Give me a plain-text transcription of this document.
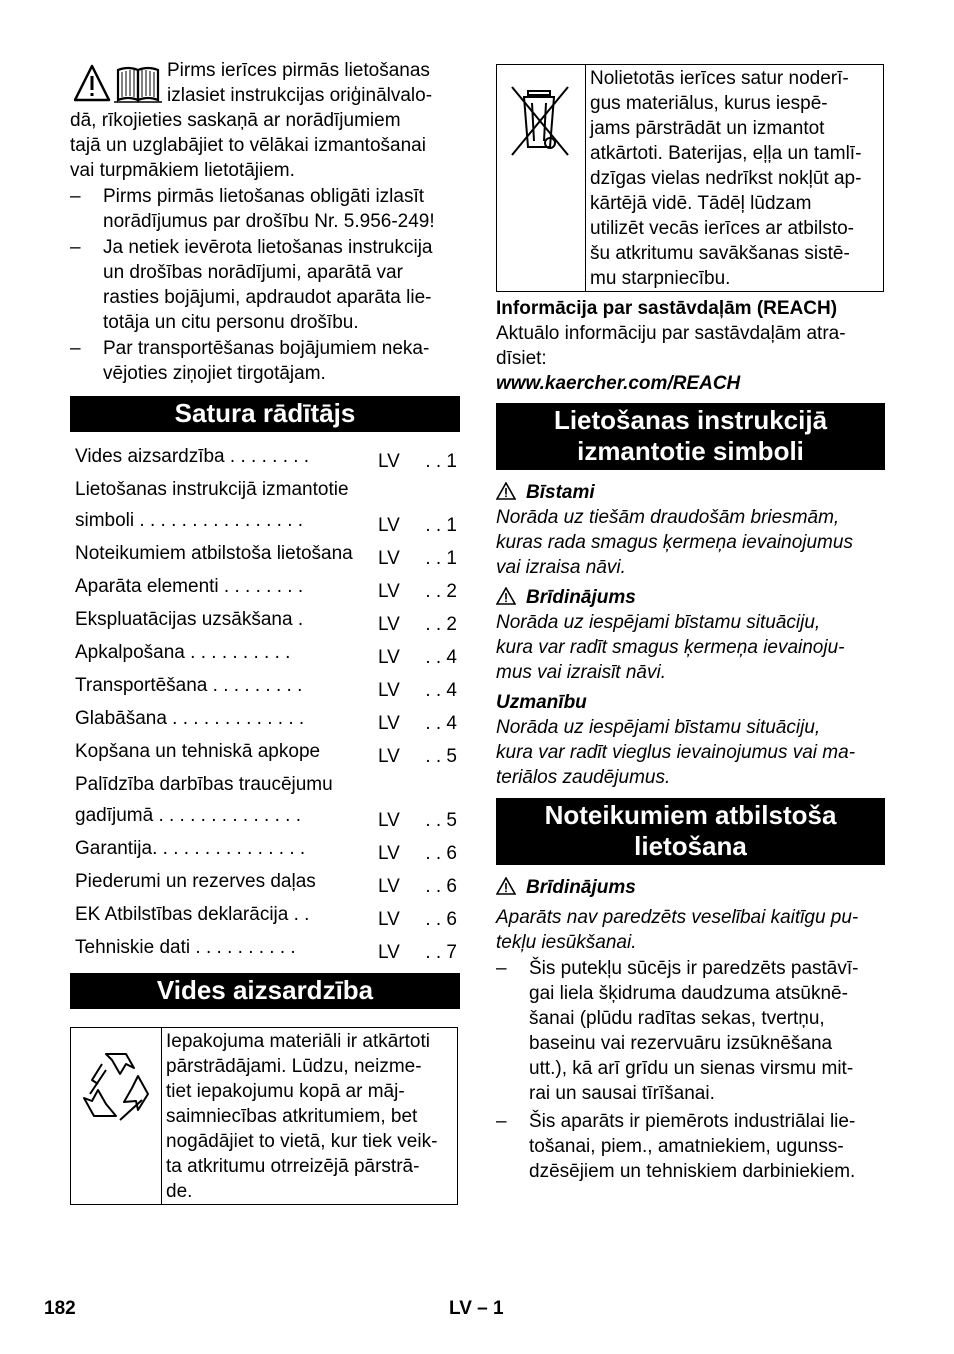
Pirms ierīces pirmās lietošanas
izlasiet instrukcijas oriģinālvalo-
dā, rīkojieties saskaņā ar norādījumiem
tajā un uzglabājiet to vēlākai izmantošanai
vai turpmākiem lietotājiem.
– Pirms pirmās lietošanas obligāti izlasīt
norādījumus par drošību Nr. 5.956-249!
– Ja netiek ievērota lietošanas instrukcija
un drošības norādījumi, aparātā var
rasties bojājumi, apdraudot aparāta lie-
totāja un citu personu drošību.
– Par transportēšanas bojājumiem neka-
vējoties ziņojiet tirgotājam.
Satura rādītājs
Vides aizsardzība . . . . . . . .	LV . . 1
Lietošanas instrukcijā izmantotie simboli . . . . . . . . . . . . . . . .	LV . . 1
Noteikumiem atbilstoša lietošana LV . . 1
Aparāta elementi . . . . . . . .	LV . . 2
Ekspluatācijas uzsākšana .	LV . . 2
Apkalpošana . . . . . . . . . .	LV . . 4
Transportēšana . . . . . . . . .	LV . . 4
Glabāšana . . . . . . . . . . . . .	LV . . 4
Kopšana un tehniskā apkope	LV . . 5
Palīdzība darbības traucējumu gadījumā . . . . . . . . . . . . . .	LV . . 5
Garantija. . . . . . . . . . . . . . .	LV . . 6
Piederumi un rezerves daļas	LV . . 6
EK Atbilstības deklarācija . .	LV . . 6
Tehniskie dati . . . . . . . . . .	LV . . 7
Vides aizsardzība
Iepakojuma materiāli ir atkārtoti
pārstrādājami. Lūdzu, neizme-
tiet iepakojumu kopā ar māj-
saimniecības atkritumiem, bet
nogādājiet to vietā, kur tiek veik-
ta atkritumu otrreizējā pārstrā-
de.
Nolietotās ierīces satur noderī-
gus materiālus, kurus iespē-
jams pārstrādāt un izmantot
atkārtoti. Baterijas, eļļa un tamlī-
dzīgas vielas nedrīkst nokļūt ap-
kārtējā vidē. Tādēļ lūdzam
utilizēt vecās ierīces ar atbilsto-
šu atkritumu savākšanas sistē-
mu starpniecību.
Informācija par sastāvdaļām (REACH)
Aktuālo informāciju par sastāvdaļām atra-
dīsiet:
www.kaercher.com/REACH
Lietošanas instrukcijā
izmantotie simboli
Bīstami
Norāda uz tiešām draudošām briesmām,
kuras rada smagus ķermeņa ievainojumus
vai izraisa nāvi.
Brīdinājums
Norāda uz iespējami bīstamu situāciju,
kura var radīt smagus ķermeņa ievainoju-
mus vai izraisīt nāvi.
Uzmanību
Norāda uz iespējami bīstamu situāciju,
kura var radīt vieglus ievainojumus vai ma-
teriālos zaudējumus.
Noteikumiem atbilstoša
lietošana
Brīdinājums
Aparāts nav paredzēts veselībai kaitīgu pu-
tekļu iesūkšanai.
– Šis putekļu sūcējs ir paredzēts pastāvī-
gai liela šķidruma daudzuma atsūknē-
šanai (plūdu radītas sekas, tvertņu,
baseinu vai rezervuāru izsūknēšana
utt.), kā arī grīdu un sienas virsmu mit-
rai un sausai tīrīšanai.
– Šis aparāts ir piemērots industriālai lie-
tošanai, piem., amatniekiem, ugunss-
dzēsējiem un tehniskiem darbiniekiem.
182	LV – 1
